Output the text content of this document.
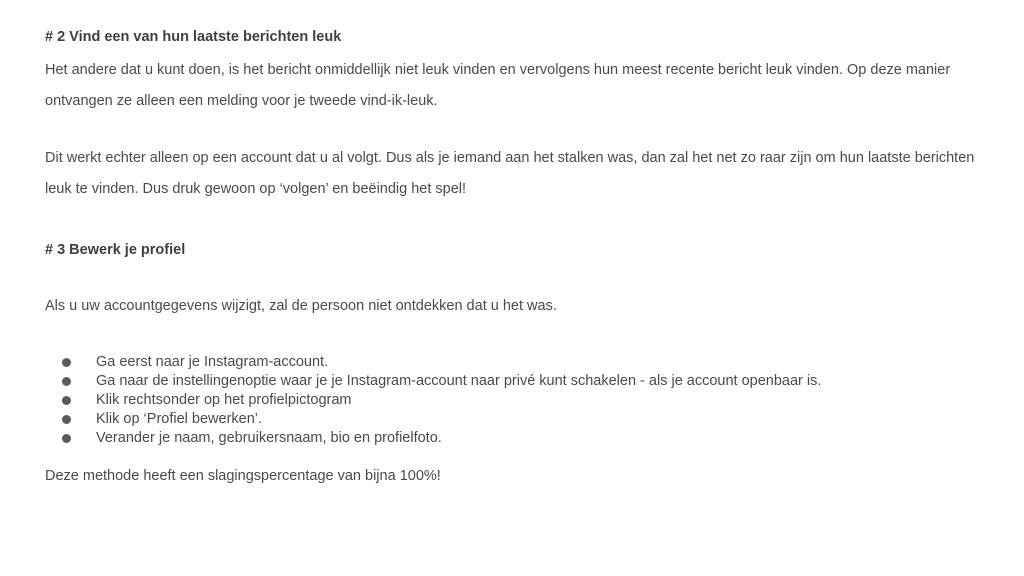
# 2 Vind een van hun laatste berichten leuk
Het andere dat u kunt doen, is het bericht onmiddellijk niet leuk vinden en vervolgens hun meest recente bericht leuk vinden. Op deze manier ontvangen ze alleen een melding voor je tweede vind-ik-leuk.
Dit werkt echter alleen op een account dat u al volgt. Dus als je iemand aan het stalken was, dan zal het net zo raar zijn om hun laatste berichten leuk te vinden. Dus druk gewoon op ‘volgen’ en beëindig het spel!
# 3 Bewerk je profiel
Als u uw accountgegevens wijzigt, zal de persoon niet ontdekken dat u het was.
Ga eerst naar je Instagram-account.
Ga naar de instellingenoptie waar je je Instagram-account naar privé kunt schakelen - als je account openbaar is.
Klik rechtsonder op het profielpictogram
Klik op ‘Profiel bewerken’.
Verander je naam, gebruikersnaam, bio en profielfoto.
Deze methode heeft een slagingspercentage van bijna 100%!
